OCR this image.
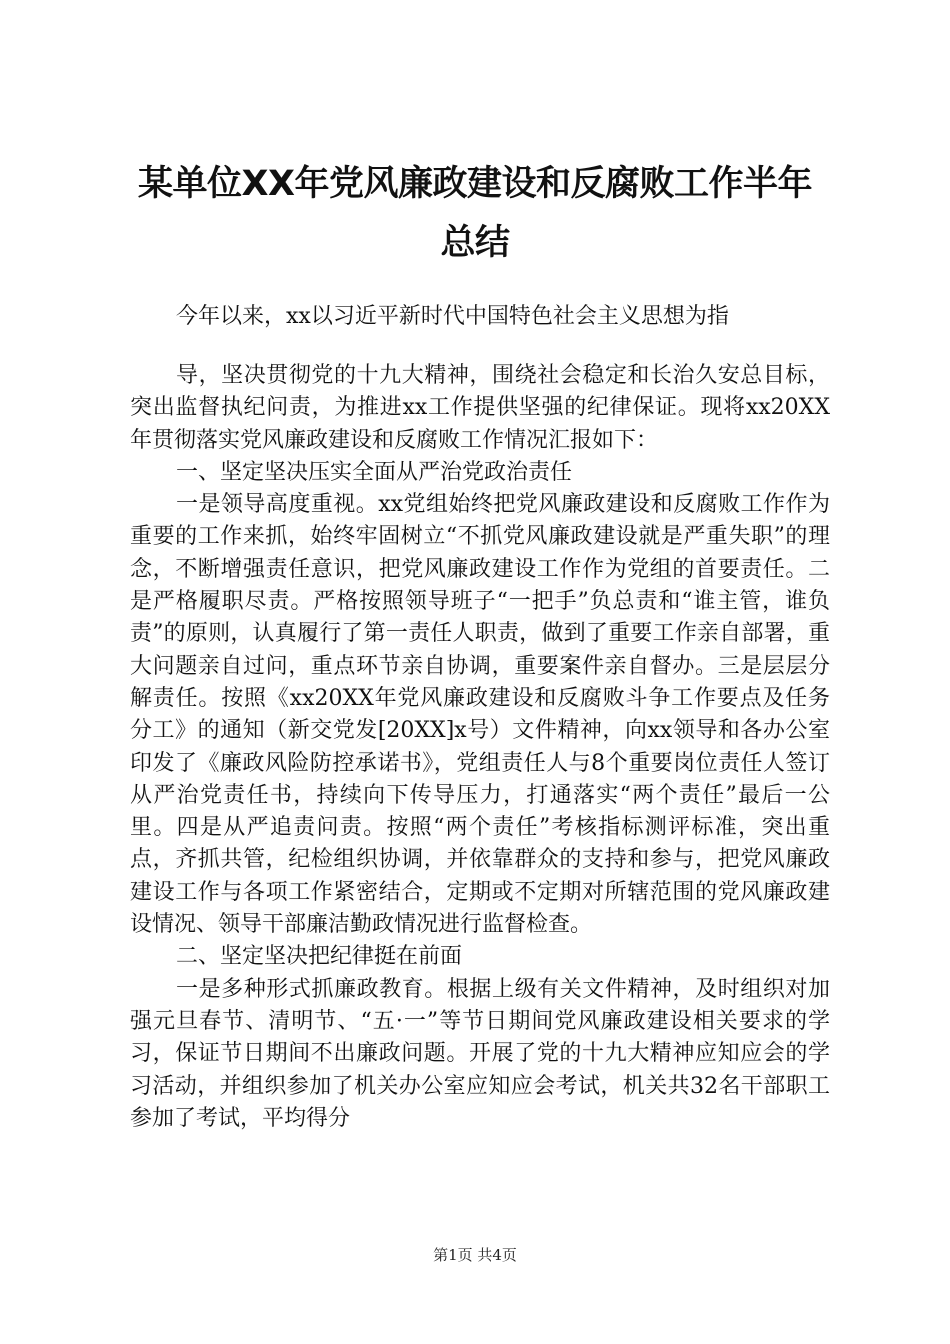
某单位XX年党风廉政建设和反腐败工作半年
总结
今年以来，xx以习近平新时代中国特色社会主义思想为指

导，坚决贯彻党的十九大精神，围绕社会稳定和长治久安总目标，突出监督执纪问责，为推进xx工作提供坚强的纪律保证。现将xx20XX年贯彻落实党风廉政建设和反腐败工作情况汇报如下：

一、坚定坚决压实全面从严治党政治责任

一是领导高度重视。xx党组始终把党风廉政建设和反腐败工作作为重要的工作来抓，始终牢固树立“不抓党风廉政建设就是严重失职”的理念，不断增强责任意识，把党风廉政建设工作作为党组的首要责任。二是严格履职尽责。严格按照领导班子“一把手”负总责和“谁主管，谁负责”的原则，认真履行了第一责任人职责，做到了重要工作亲自部署，重大问题亲自过问，重点环节亲自协调，重要案件亲自督办。三是层层分解责任。按照《xx20XX年党风廉政建设和反腐败斗争工作要点及任务分工》的通知（新交党发[20XX]x号）文件精神，向xx领导和各办公室印发了《廉政风险防控承诺书》，党组责任人与8个重要岗位责任人签订从严治党责任书，持续向下传导压力，打通落实“两个责任”最后一公里。四是从严追责问责。按照“两个责任”考核指标测评标准，突出重点，齐抓共管，纪检组织协调，并依靠群众的支持和参与，把党风廉政建设工作与各项工作紧密结合，定期或不定期对所辖范围的党风廉政建设情况、领导干部廉洁勤政情况进行监督检查。

二、坚定坚决把纪律挺在前面

一是多种形式抓廉政教育。根据上级有关文件精神，及时组织对加强元旦春节、清明节、“五·一”等节日期间党风廉政建设相关要求的学习，保证节日期间不出廉政问题。开展了党的十九大精神应知应会的学习活动，并组织参加了机关办公室应知应会考试，机关共32名干部职工参加了考试，平均得分

第1页 共4页
